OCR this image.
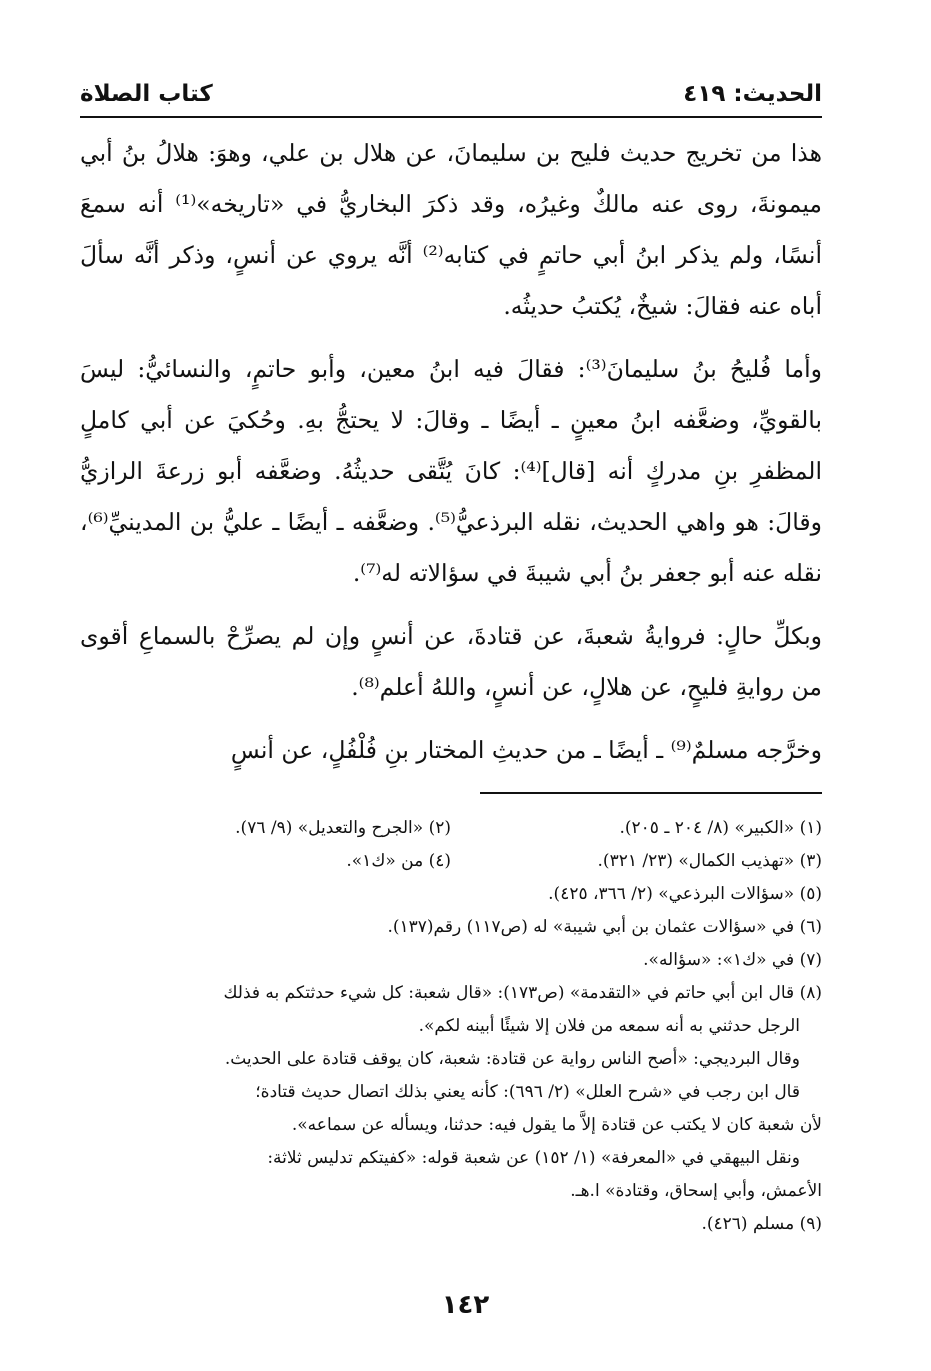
الحديث: ٤١٩
كتاب الصلاة

هذا من تخريج حديث فليح بن سليمانَ، عن هلال بن علي، وهوَ: هلالُ بنُ أبي ميمونةَ، روى عنه مالكٌ وغيرُه، وقد ذكرَ البخاريُّ في «تاريخه»⁽¹⁾ أنه سمعَ أنسًا، ولم يذكر ابنُ أبي حاتمٍ في كتابه⁽²⁾ أنَّه يروي عن أنسٍ، وذكر أنَّه سألَ أباه عنه فقالَ: شيخٌ، يُكتبُ حديثُه.

وأما فُليحُ بنُ سليمانَ⁽³⁾: فقالَ فيه ابنُ معين، وأبو حاتمٍ، والنسائيُّ: ليسَ بالقويِّ، وضعَّفه ابنُ معينٍ ـ أيضًا ـ وقالَ: لا يحتجُّ بهِ. وحُكيَ عن أبي كاملٍ المظفرِ بنِ مدركٍ أنه [قال]⁽⁴⁾: كانَ يُتَّقى حديثُهُ. وضعَّفه أبو زرعةَ الرازيُّ وقالَ: هو واهي الحديث، نقله البرذعيُّ⁽⁵⁾. وضعَّفه ـ أيضًا ـ عليُّ بن المدينيِّ⁽⁶⁾، نقله عنه أبو جعفر بنُ أبي شيبةَ في سؤالاته له⁽⁷⁾.

وبكلِّ حالٍ: فروايةُ شعبةَ، عن قتادةَ، عن أنسٍ وإن لم يصرِّحْ بالسماعِ أقوى من روايةِ فليحٍ، عن هلالٍ، عن أنسٍ، واللهُ أعلم⁽⁸⁾.

وخرَّجه مسلمٌ⁽⁹⁾ ـ أيضًا ـ من حديثِ المختار بنِ فُلْفُلٍ، عن أنسٍ

(١) «الكبير» (٨/ ٢٠٤ ـ ٢٠٥).
(٢) «الجرح والتعديل» (٩/ ٧٦).
(٣) «تهذيب الكمال» (٢٣/ ٣٢١).
(٤) من «ك١».

(٥) «سؤالات البرذعي» (٢/ ٣٦٦، ٤٢٥).

(٦) في «سؤالات عثمان بن أبي شيبة» له (ص١١٧) رقم(١٣٧).

(٧) في «ك١»: «سؤاله».

(٨) قال ابن أبي حاتم في «التقدمة» (ص١٧٣): «قال شعبة: كل شيء حدثتكم به فذلك

الرجل حدثني به أنه سمعه من فلان إلا شيئًا أبينه لكم».

وقال البرديجي: «أصح الناس رواية عن قتادة: شعبة، كان يوقف قتادة على الحديث.

قال ابن رجب في «شرح العلل» (٢/ ٦٩٦): كأنه يعني بذلك اتصال حديث قتادة؛

لأن شعبة كان لا يكتب عن قتادة إلاَّ ما يقول فيه: حدثنا، ويسأله عن سماعه».

ونقل البيهقي في «المعرفة» (١/ ١٥٢) عن شعبة قوله: «كفيتكم تدليس ثلاثة:

الأعمش، وأبي إسحاق، وقتادة» ا.هـ.

(٩) مسلم (٤٢٦).

١٤٢
